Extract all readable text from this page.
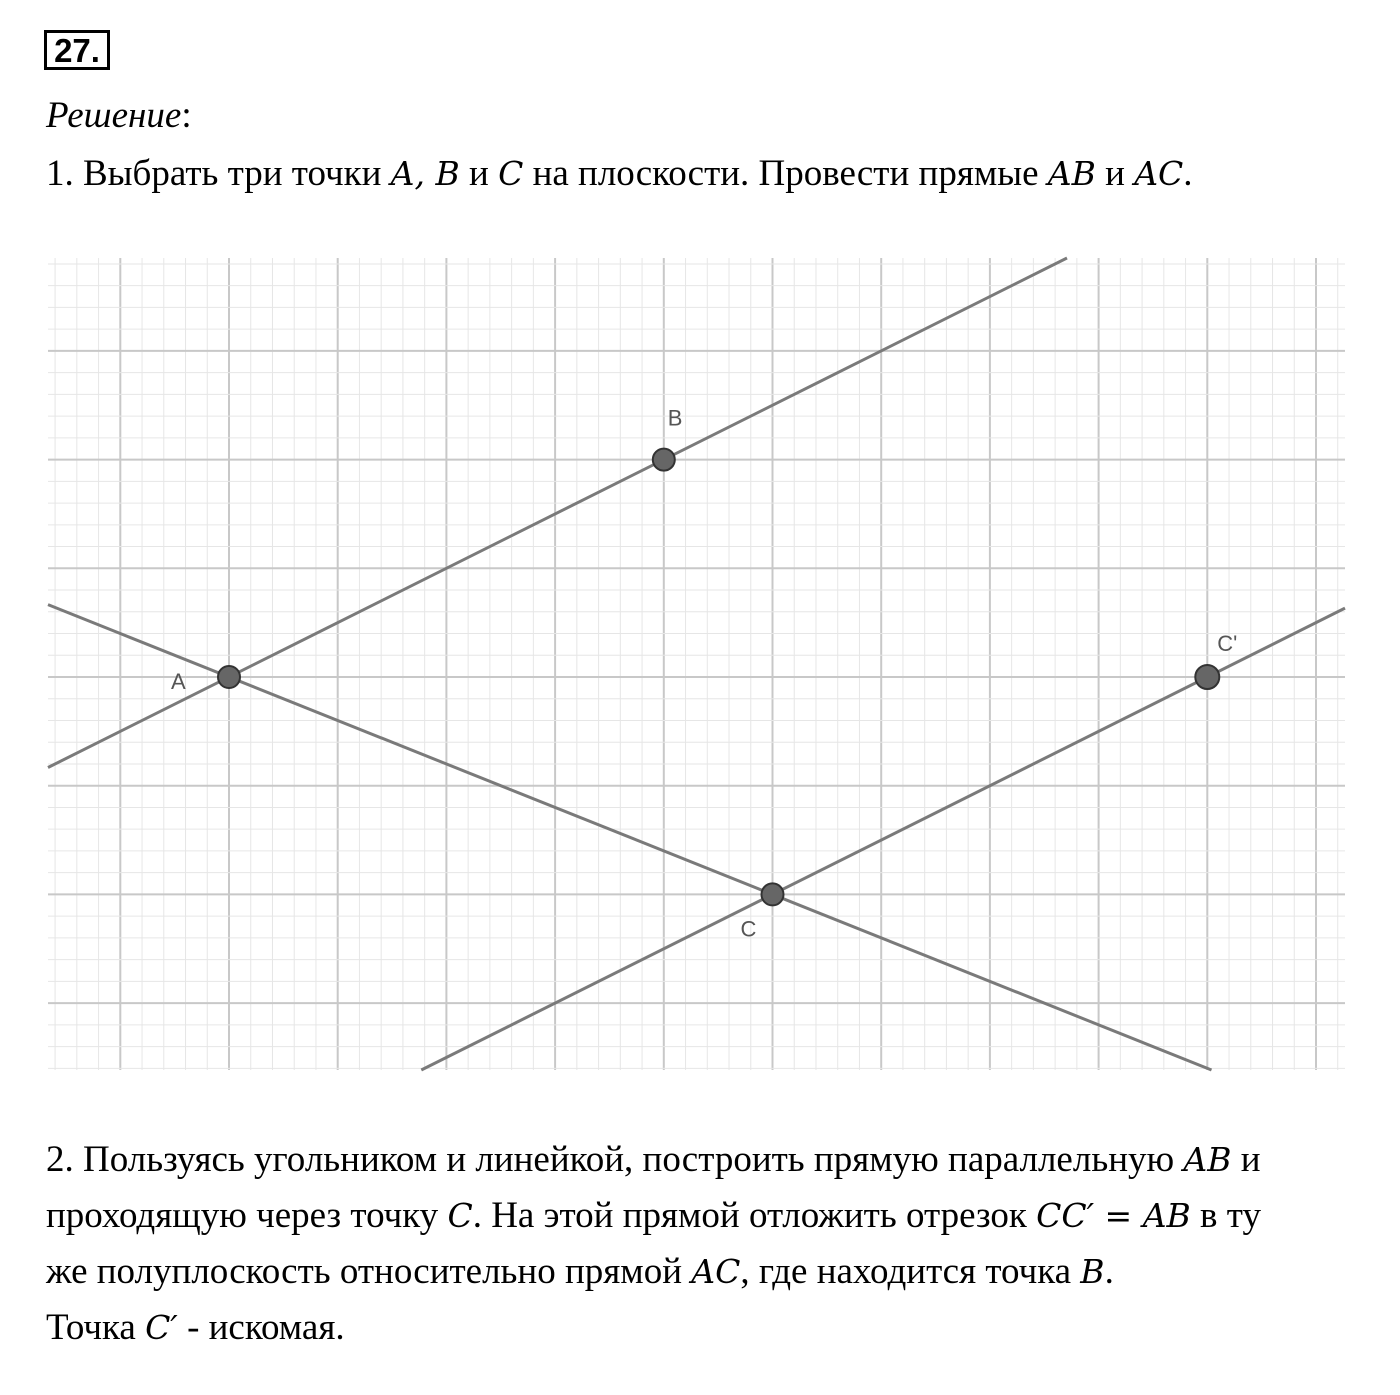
27.
Решение:
1. Выбрать три точки A, B и C на плоскости. Провести прямые AB и AC.
A
B
C
C'
2. Пользуясь угольником и линейкой, построить прямую параллельную AB и
проходящую через точку C. На этой прямой отложить отрезок CC′ = AB в ту
же полуплоскость относительно прямой AC, где находится точка B.
Точка C′ - искомая.
